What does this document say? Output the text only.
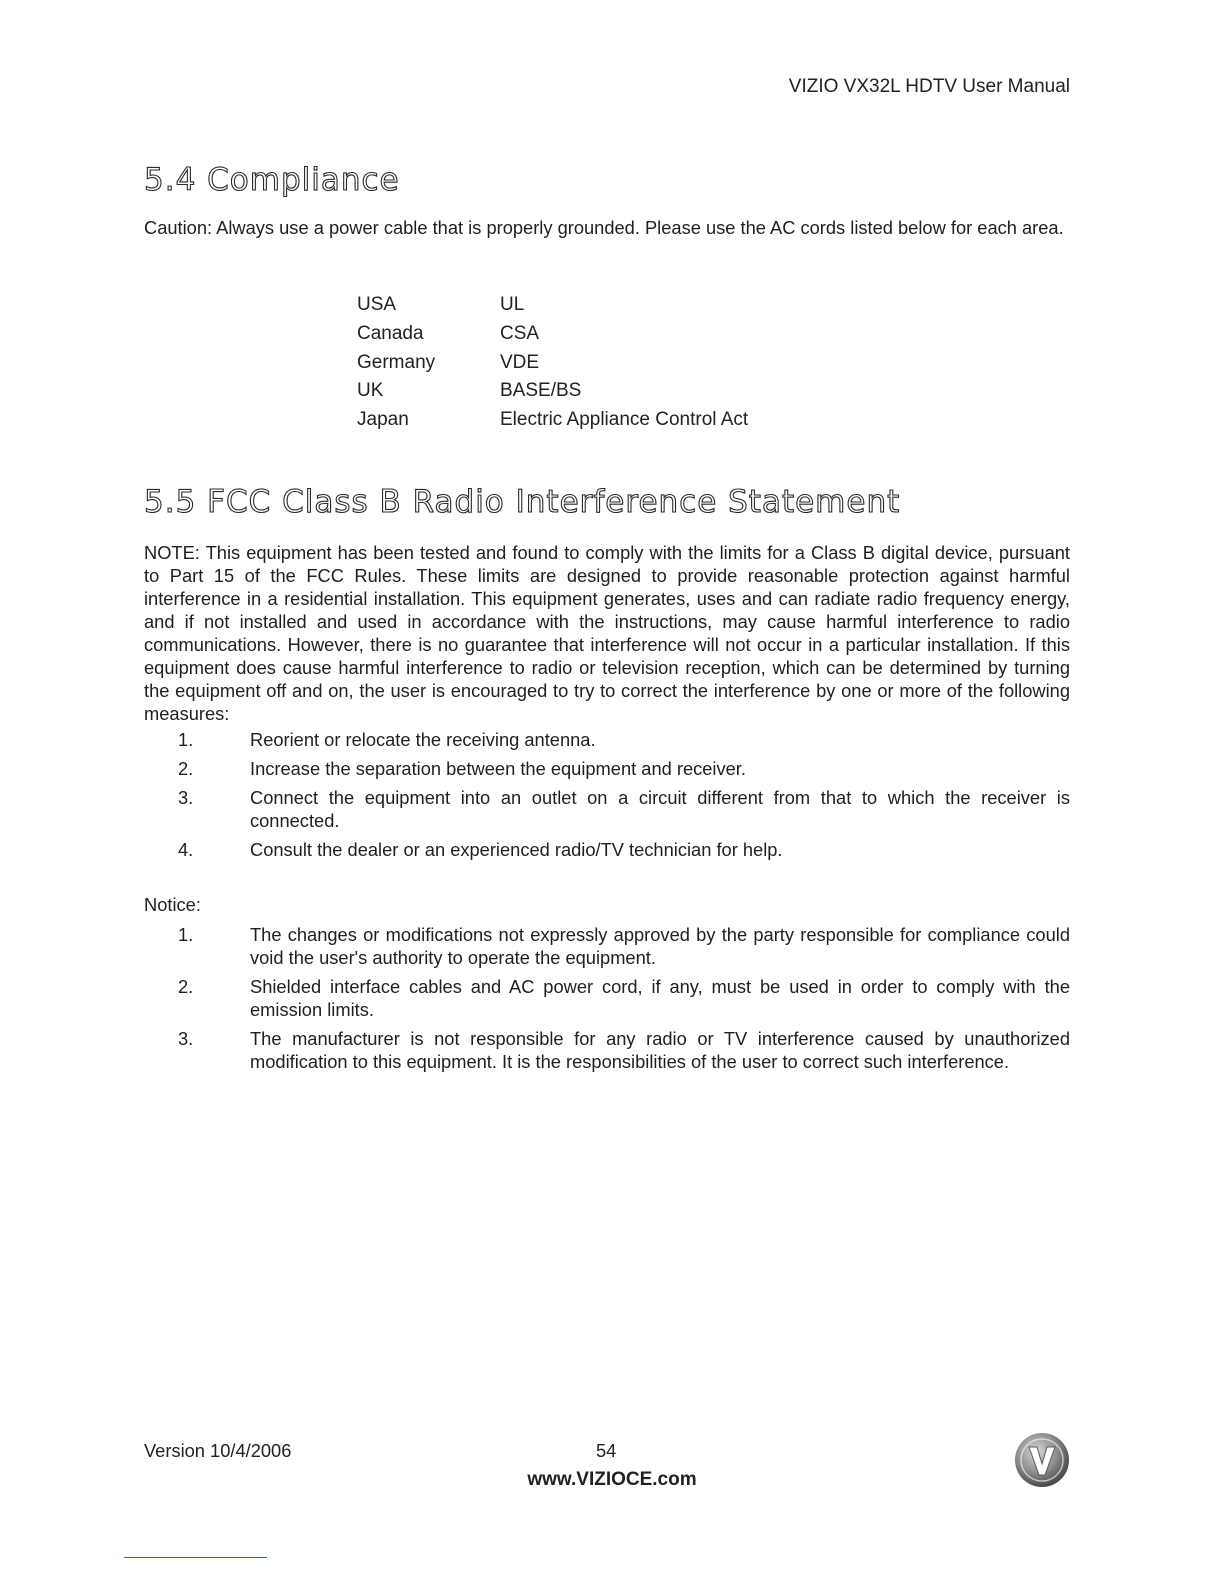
VIZIO VX32L HDTV User Manual
5.4 Compliance

Caution: Always use a power cable that is properly grounded. Please use the AC cords listed below for each area.

USA	UL
Canada	CSA
Germany	VDE
UK	BASE/BS
Japan	Electric Appliance Control Act
5.5 FCC Class B Radio Interference Statement

NOTE: This equipment has been tested and found to comply with the limits for a Class B digital device, pursuant to Part 15 of the FCC Rules. These limits are designed to provide reasonable protection against harmful interference in a residential installation. This equipment generates, uses and can radiate radio frequency energy, and if not installed and used in accordance with the instructions, may cause harmful interference to radio communications. However, there is no guarantee that interference will not occur in a particular installation. If this equipment does cause harmful interference to radio or television reception, which can be determined by turning the equipment off and on, the user is encouraged to try to correct the interference by one or more of the following measures:

1.	Reorient or relocate the receiving antenna.
2.	Increase the separation between the equipment and receiver.
3.	Connect the equipment into an outlet on a circuit different from that to which the receiver is connected.
4.	Consult the dealer or an experienced radio/TV technician for help.
Notice:
1.	The changes or modifications not expressly approved by the party responsible for compliance could void the user's authority to operate the equipment.
2.	Shielded interface cables and AC power cord, if any, must be used in order to comply with the emission limits.
3.	The manufacturer is not responsible for any radio or TV interference caused by unauthorized modification to this equipment. It is the responsibilities of the user to correct such interference.
Version 10/4/2006	54
www.VIZIOCE.com
